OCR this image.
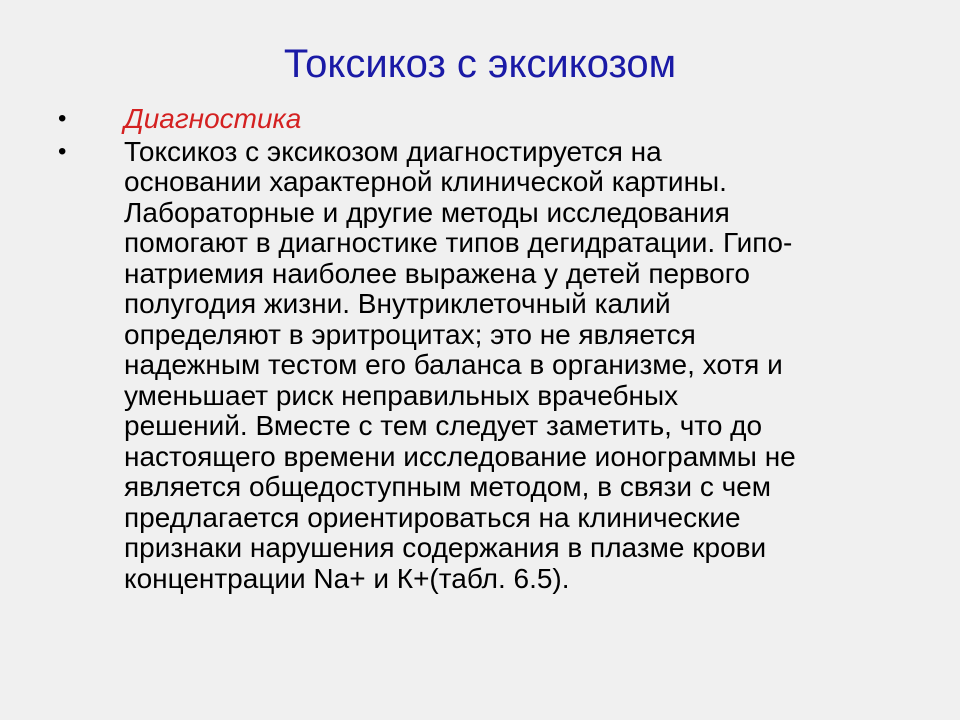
Токсикоз с эксикозом
•	Диагностика
•	Токсикоз с эксикозом диагностируется на
основании характерной клинической картины.
Лабораторные и другие методы исследования
помогают в диагностике типов дегидратации. Гипо-
натриемия наиболее выражена у детей первого
полугодия жизни. Внутриклеточный калий
определяют в эритроцитах; это не является
надежным тестом его баланса в организме, хотя и
уменьшает риск неправильных врачебных
решений. Вместе с тем следует заметить, что до
настоящего времени исследование ионограммы не
является общедоступным методом, в связи с чем
предлагается ориентироваться на клинические
признаки нарушения содержания в плазме крови
концентрации Na+ и К+(табл. 6.5).
